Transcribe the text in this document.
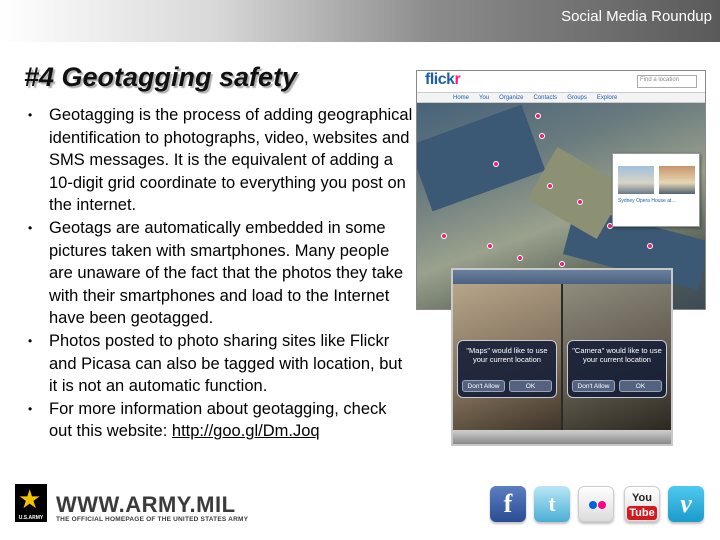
Social Media Roundup
#4 Geotagging safety
•	Geotagging is the process of adding geographical identification to photographs, video, websites and SMS messages. It is the equivalent of adding a 10-digit grid coordinate to everything you post on the internet.
•	Geotags are automatically embedded in some pictures taken with smartphones. Many people are unaware of the fact that the photos they take with their smartphones and load to the Internet have been geotagged.
•	Photos posted to photo sharing sites like Flickr and Picasa can also be tagged with location, but it is not an automatic function.
•	For more information about geotagging, check out this website: http://goo.gl/Dm.Joq
flickr	Find a location
Home You Organize Contacts Groups Explore
Sydney Opera House at...
"Maps" would like to use your current location
Don't Allow	OK
"Camera" would like to use your current location
Don't Allow	OK
★
U.S.ARMY
WWW.ARMY.MIL
THE OFFICIAL HOMEPAGE OF THE UNITED STATES ARMY
f	t	You
Tube v
